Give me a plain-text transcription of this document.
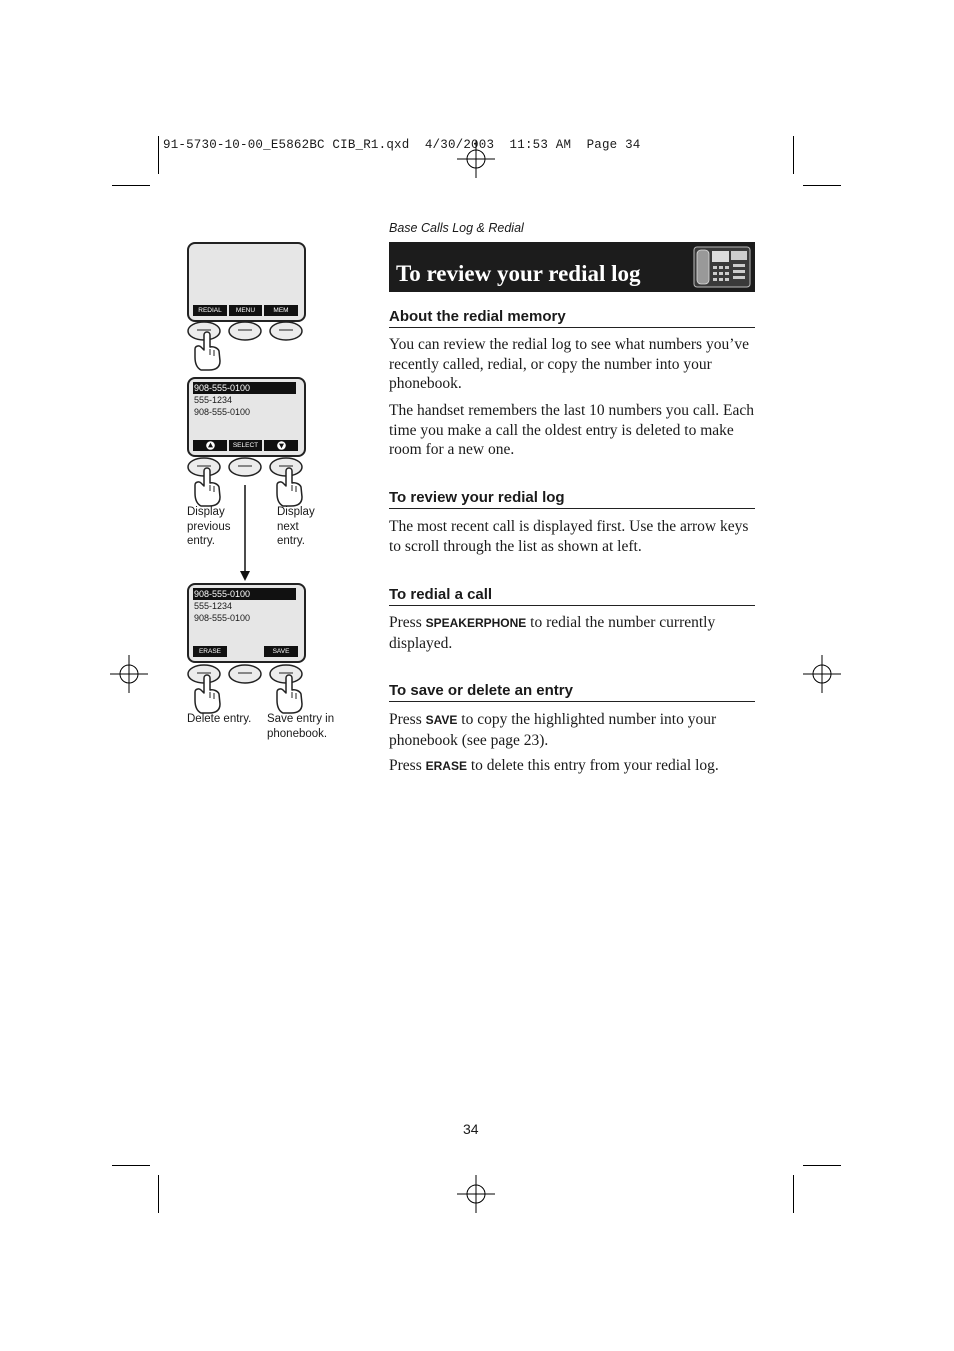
91-5730-10-00_E5862BC CIB_R1.qxd  4/30/2003  11:53 AM  Page 34
Base Calls Log & Redial
To review your redial log
About the redial memory
You can review the redial log to see what numbers you’ve recently called, redial, or copy the number into your phonebook.
The handset remembers the last 10 numbers you call. Each time you make a call the oldest entry is deleted to make room for a new one.
To review your redial log
The most recent call is displayed first. Use the arrow keys to scroll through the list as shown at left.
To redial a call
Press SPEAKERPHONE to redial the number currently displayed.
To save or delete an entry
Press SAVE to copy the highlighted number into your phonebook (see page 23).
Press ERASE to delete this entry from your redial log.
REDIAL	MENU	MEM
908-555-0100
555-1234
908-555-0100
SELECT
908-555-0100
555-1234
908-555-0100
ERASE	SAVE
Display
previous
entry.
Display
next
entry.
Delete entry. Save entry in
phonebook.
34
